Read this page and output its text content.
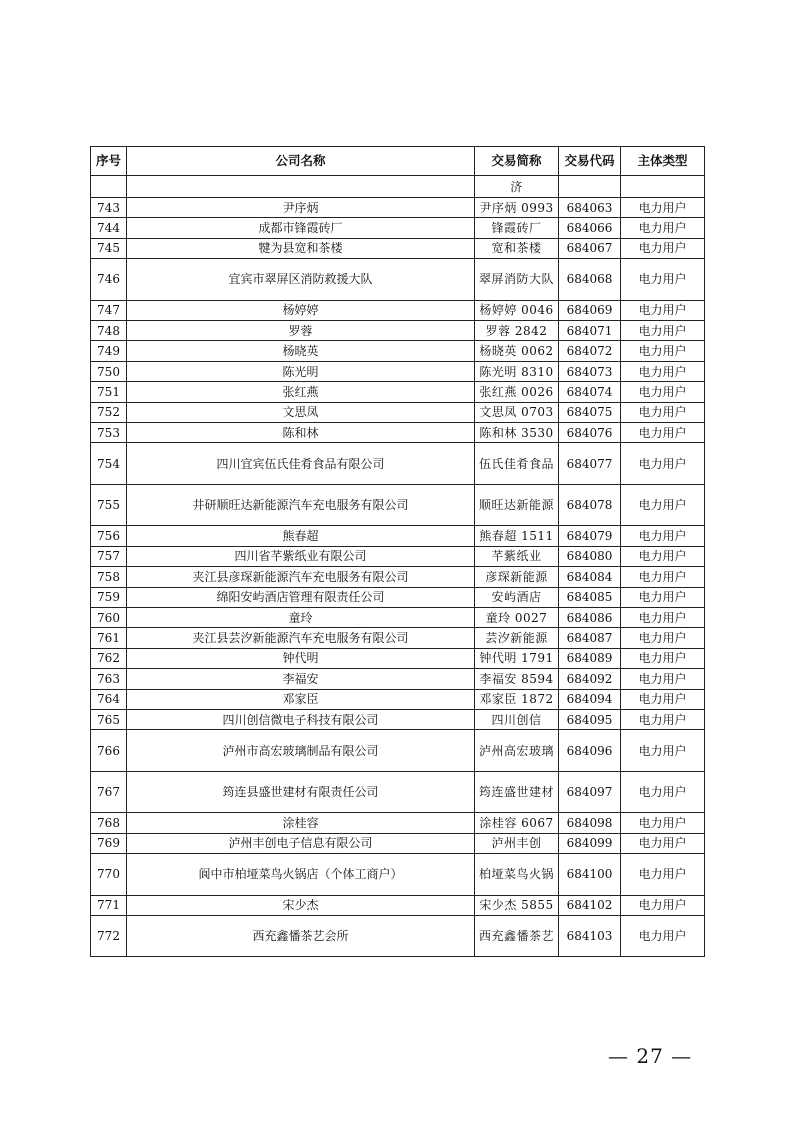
序号	公司名称	交易简称	交易代码	主体类型
		济		
743	尹序炳	尹序炳 0993	684063	电力用户
744	成都市锋霞砖厂	锋霞砖厂	684066	电力用户
745	犍为县宽和茶楼	宽和茶楼	684067	电力用户
746	宜宾市翠屏区消防救援大队	翠屏消防大队	684068	电力用户
747	杨婷婷	杨婷婷 0046	684069	电力用户
748	罗蓉	罗蓉 2842	684071	电力用户
749	杨晓英	杨晓英 0062	684072	电力用户
750	陈光明	陈光明 8310	684073	电力用户
751	张红燕	张红燕 0026	684074	电力用户
752	文思凤	文思凤 0703	684075	电力用户
753	陈和林	陈和林 3530	684076	电力用户
754	四川宜宾伍氏佳肴食品有限公司	伍氏佳肴食品	684077	电力用户
755	井研顺旺达新能源汽车充电服务有限公司	顺旺达新能源	684078	电力用户
756	熊春超	熊春超 1511	684079	电力用户
757	四川省芊紫纸业有限公司	芊紫纸业	684080	电力用户
758	夹江县彦琛新能源汽车充电服务有限公司	彦琛新能源	684084	电力用户
759	绵阳安屿酒店管理有限责任公司	安屿酒店	684085	电力用户
760	童玲	童玲 0027	684086	电力用户
761	夹江县芸汐新能源汽车充电服务有限公司	芸汐新能源	684087	电力用户
762	钟代明	钟代明 1791	684089	电力用户
763	李福安	李福安 8594	684092	电力用户
764	邓家臣	邓家臣 1872	684094	电力用户
765	四川创信微电子科技有限公司	四川创信	684095	电力用户
766	泸州市高宏玻璃制品有限公司	泸州高宏玻璃	684096	电力用户
767	筠连县盛世建材有限责任公司	筠连盛世建材	684097	电力用户
768	涂桂容	涂桂容 6067	684098	电力用户
769	泸州丰创电子信息有限公司	泸州丰创	684099	电力用户
770	阆中市柏垭菜鸟火锅店（个体工商户）	柏垭菜鸟火锅	684100	电力用户
771	宋少杰	宋少杰 5855	684102	电力用户
772	西充鑫憣茶艺会所	西充鑫憣茶艺	684103	电力用户
— 27 —
